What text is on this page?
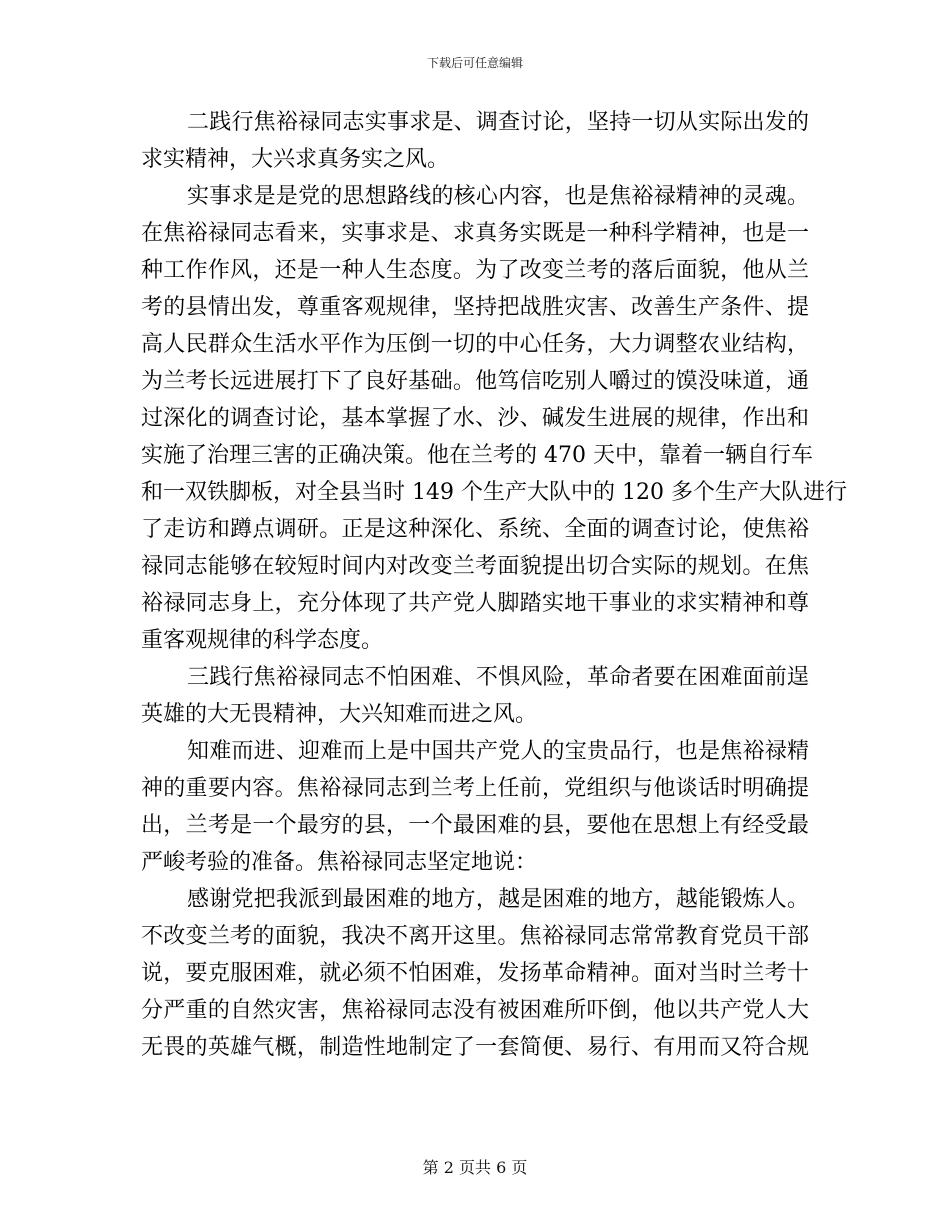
下载后可任意编辑

二践行焦裕禄同志实事求是、调查讨论，坚持一切从实际出发的
求实精神，大兴求真务实之风。

实事求是是党的思想路线的核心内容，也是焦裕禄精神的灵魂。
在焦裕禄同志看来，实事求是、求真务实既是一种科学精神，也是一
种工作作风，还是一种人生态度。为了改变兰考的落后面貌，他从兰
考的县情出发，尊重客观规律，坚持把战胜灾害、改善生产条件、提
高人民群众生活水平作为压倒一切的中心任务，大力调整农业结构，
为兰考长远进展打下了良好基础。他笃信吃别人嚼过的馍没味道，通
过深化的调查讨论，基本掌握了水、沙、碱发生进展的规律，作出和
实施了治理三害的正确决策。他在兰考的 470 天中，靠着一辆自行车
和一双铁脚板，对全县当时 149 个生产大队中的 120 多个生产大队进行
了走访和蹲点调研。正是这种深化、系统、全面的调查讨论，使焦裕
禄同志能够在较短时间内对改变兰考面貌提出切合实际的规划。在焦
裕禄同志身上，充分体现了共产党人脚踏实地干事业的求实精神和尊
重客观规律的科学态度。

三践行焦裕禄同志不怕困难、不惧风险，革命者要在困难面前逞
英雄的大无畏精神，大兴知难而进之风。

知难而进、迎难而上是中国共产党人的宝贵品行，也是焦裕禄精
神的重要内容。焦裕禄同志到兰考上任前，党组织与他谈话时明确提
出，兰考是一个最穷的县，一个最困难的县，要他在思想上有经受最
严峻考验的准备。焦裕禄同志坚定地说：

感谢党把我派到最困难的地方，越是困难的地方，越能锻炼人。
不改变兰考的面貌，我决不离开这里。焦裕禄同志常常教育党员干部
说，要克服困难，就必须不怕困难，发扬革命精神。面对当时兰考十
分严重的自然灾害，焦裕禄同志没有被困难所吓倒，他以共产党人大
无畏的英雄气概，制造性地制定了一套简便、易行、有用而又符合规

第 2 页共 6 页
